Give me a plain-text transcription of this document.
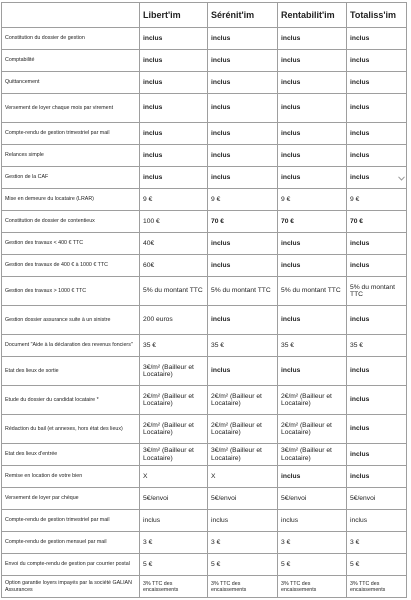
	Libert'im	Sérénit'im	Rentabilit'im	Totaliss'im
Constitution du dossier de gestion	inclus	inclus	inclus	inclus
Comptabilité	inclus	inclus	inclus	inclus
Quittancement	inclus	inclus	inclus	inclus
Versement de loyer chaque mois par virement	inclus	inclus	inclus	inclus
Compte-rendu de gestion trimestriel par mail	inclus	inclus	inclus	inclus
Relances simple	inclus	inclus	inclus	inclus
Gestion de la CAF	inclus	inclus	inclus	inclus
Mise en demeure du locataire (LRAR)	9 €	9 €	9 €	9 €
Constitution de dossier de contentieux	100 €	70 €	70 €	70 €
Gestion des travaux < 400 € TTC	40€	inclus	inclus	inclus
Gestion des travaux de 400 € à 1000 € TTC	60€	inclus	inclus	inclus
Gestion des travaux > 1000 € TTC	5% du montant TTC	5% du montant TTC	5% du montant TTC	5% du montant TTC
Gestion dossier assurance suite à un sinistre	200 euros	inclus	inclus	inclus
Document "Aide à la déclaration des revenus fonciers"	35 €	35 €	35 €	35 €
Etat des lieux de sortie	3€/m² (Bailleur et Locataire)	inclus	inclus	inclus
Etude du dossier du candidat locataire *	2€/m² (Bailleur et Locataire)	2€/m² (Bailleur et Locataire)	2€/m² (Bailleur et Locataire)	inclus
Rédaction du bail (et annexes, hors état des lieux)	2€/m² (Bailleur et Locataire)	2€/m² (Bailleur et Locataire)	2€/m² (Bailleur et Locataire)	inclus
Etat des lieux d'entrée	3€/m² (Bailleur et Locataire)	3€/m² (Bailleur et Locataire)	3€/m² (Bailleur et Locataire)	inclus
Remise en location de votre bien	X	X	inclus	inclus
Versement de loyer par chèque	5€/envoi	5€/envoi	5€/envoi	5€/envoi
Compte-rendu de gestion trimestriel par mail	inclus	inclus	inclus	inclus
Compte-rendu de gestion mensuel par mail	3 €	3 €	3 €	3 €
Envoi du compte-rendu de gestion par courrier postal	5 €	5 €	5 €	5 €
Option garantie loyers impayés par la société GALIAN Assurances	3% TTC des encaissements	3% TTC des encaissements	3% TTC des encaissements	3% TTC des encaissements
